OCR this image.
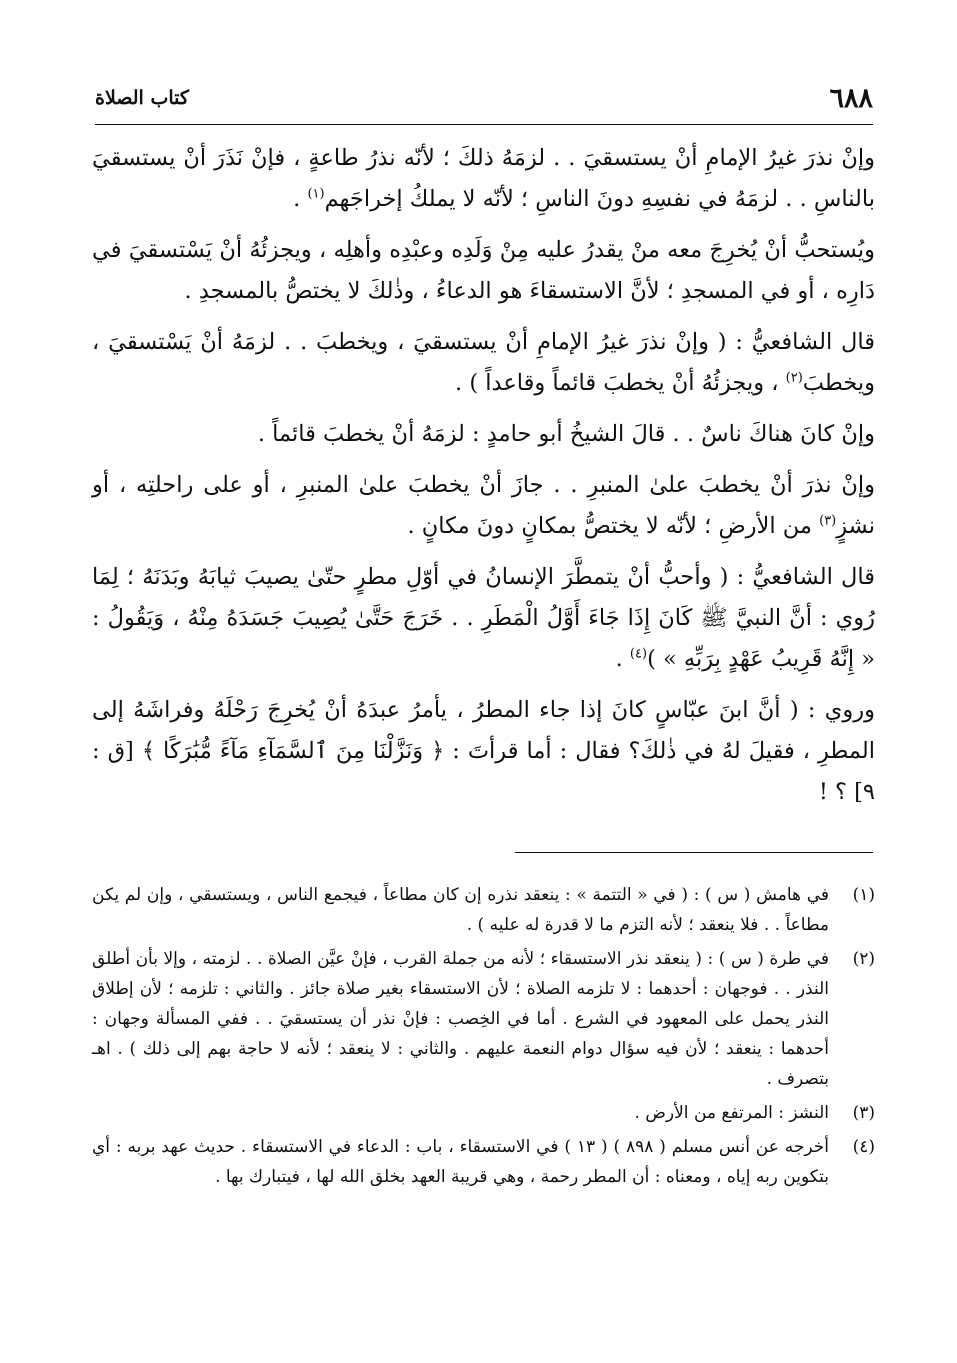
٦٨٨
كتاب الصلاة

وإنْ نذرَ غيرُ الإمامِ أنْ يستسقيَ . . لزمَهُ ذلكَ ؛ لأنّه نذرُ طاعةٍ ، فإنْ نَذَرَ أنْ يستسقيَ بالناسِ . . لزمَهُ في نفسِهِ دونَ الناسِ ؛ لأنّه لا يملكُ إخراجَهم$^{(١)}$ .

ويُستحبُّ أنْ يُخرِجَ معه منْ يقدرُ عليه مِنْ وَلَدِه وعبْدِه وأهلِه ، ويجزئُهُ أنْ يَسْتسقيَ في دَارِه ، أو في المسجدِ ؛ لأنَّ الاستسقاءَ هو الدعاءُ ، وذٰلكَ لا يختصُّ بالمسجدِ .

قال الشافعيُّ : ( وإنْ نذرَ غيرُ الإمامِ أنْ يستسقيَ ، ويخطبَ . . لزمَهُ أنْ يَسْتسقيَ ، ويخطبَ$^{(٢)}$ ، ويجزئُهُ أنْ يخطبَ قائماً وقاعداً ) .

وإنْ كانَ هناكَ ناسٌ . . قالَ الشيخُ أبو حامدٍ : لزمَهُ أنْ يخطبَ قائماً .

وإنْ نذرَ أنْ يخطبَ علىٰ المنبرِ . . جازَ أنْ يخطبَ علىٰ المنبرِ ، أو على راحلتِه ، أو نشزٍ$^{(٣)}$ من الأرضِ ؛ لأنّه لا يختصُّ بمكانٍ دونَ مكانٍ .

قال الشافعيُّ : ( وأحبُّ أنْ يتمطَّرَ الإنسانُ في أوّلِ مطرٍ حتّىٰ يصيبَ ثيابَهُ وبَدَنَهُ ؛ لِمَا رُوي : أنَّ النبيَّ ﷺ كَانَ إِذَا جَاءَ أَوَّلُ الْمَطَرِ . . خَرَجَ حَتَّىٰ يُصِيبَ جَسَدَهُ مِنْهُ ، وَيَقُولُ : « إِنَّهُ قَرِيبُ عَهْدٍ بِرَبِّهِ » )$^{(٤)}$ .

وروي : ( أنَّ ابنَ عبّاسٍ كانَ إذا جاء المطرُ ، يأمرُ عبدَهُ أنْ يُخرِجَ رَحْلَهُ وفراشَهُ إلى المطرِ ، فقيلَ لهُ في ذٰلكَ؟ فقال : أما قرأتَ : ﴿ وَنَزَّلْنَا مِنَ ٱلسَّمَآءِ مَآءً مُّبَٰرَكًا ﴾ [ق : ٩] ؟ !

(١)
في هامش ( س ) : ( في « التتمة » : ينعقد نذره إن كان مطاعاً ، فيجمع الناس ، ويستسقي ، وإن لم يكن مطاعاً . . فلا ينعقد ؛ لأنه التزم ما لا قدرة له عليه ) .
(٢)
في طرة ( س ) : ( ينعقد نذر الاستسقاء ؛ لأنه من جملة القرب ، فإنْ عيَّن الصلاة . . لزمته ، وإلا بأن أطلق النذر . . فوجهان : أحدهما : لا تلزمه الصلاة ؛ لأن الاستسقاء بغير صلاة جائز . والثاني : تلزمه ؛ لأن إطلاق النذر يحمل على المعهود في الشرع . أما في الخِصب : فإنْ نذر أن يستسقيَ . . ففي المسألة وجهان : أحدهما : ينعقد ؛ لأن فيه سؤال دوام النعمة عليهم . والثاني : لا ينعقد ؛ لأنه لا حاجة بهم إلى ذلك ) . اهـ بتصرف .
(٣)
النشز : المرتفع من الأرض .
(٤)
أخرجه عن أنس مسلم ( ٨٩٨ ) ( ١٣ ) في الاستسقاء ، باب : الدعاء في الاستسقاء . حديث عهد بربه : أي بتكوين ربه إياه ، ومعناه : أن المطر رحمة ، وهي قريبة العهد بخلق الله لها ، فيتبارك بها .
